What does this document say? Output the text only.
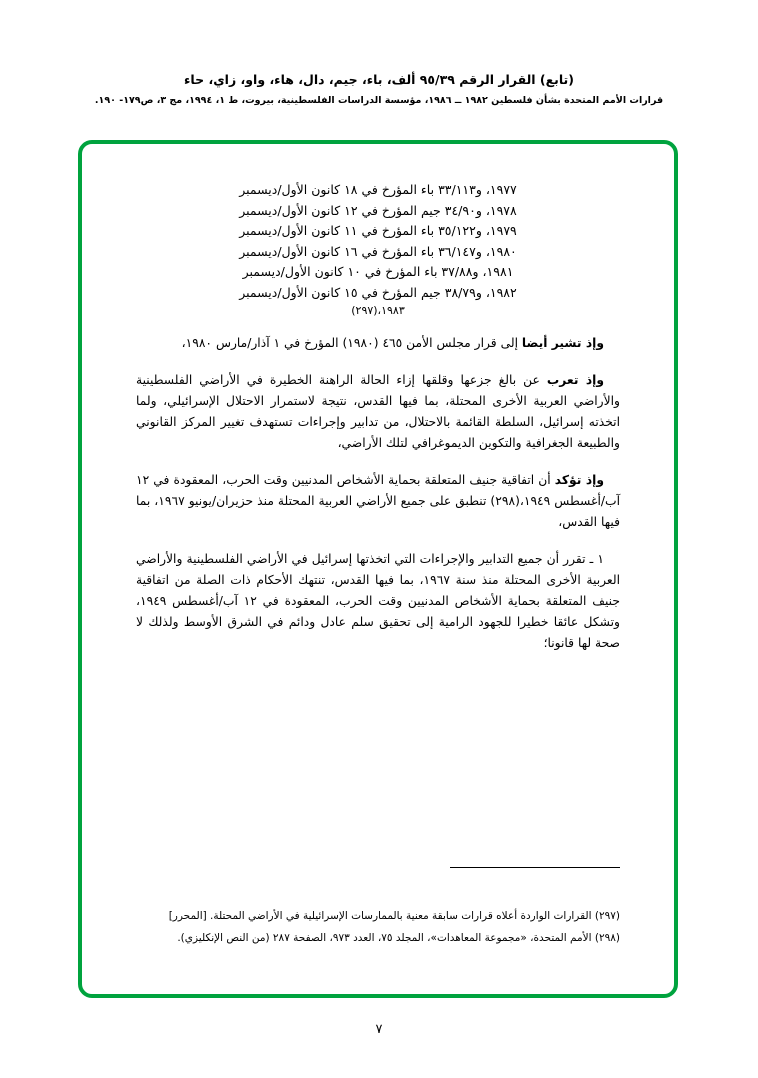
(تابع) القرار الرقم ٩٥/٣٩ ألف، باء، جيم، دال، هاء، واو، زاي، حاء
قرارات الأمم المتحدة بشأن فلسطين ١٩٨٢ ــ ١٩٨٦، مؤسسة الدراسات الفلسطينية، بيروت، ط ١، ١٩٩٤، مج ٣، ص١٧٩- ١٩٠.
١٩٧٧، و٣٣/١١٣ باء المؤرخ في ١٨ كانون الأول/ديسمبر
١٩٧٨، و٣٤/٩٠ جيم المؤرخ في ١٢ كانون الأول/ديسمبر
١٩٧٩، و٣٥/١٢٢ باء المؤرخ في ١١ كانون الأول/ديسمبر
١٩٨٠، و٣٦/١٤٧ باء المؤرخ في ١٦ كانون الأول/ديسمبر
١٩٨١، و٣٧/٨٨ باء المؤرخ في ١٠ كانون الأول/ديسمبر
١٩٨٢، و٣٨/٧٩ جيم المؤرخ في ١٥ كانون الأول/ديسمبر
١٩٨٣،(٢٩٧)

وإذ تشير أيضا إلى قرار مجلس الأمن ٤٦٥ (١٩٨٠) المؤرخ في ١ آذار/مارس ١٩٨٠،

وإذ تعرب عن بالغ جزعها وقلقها إزاء الحالة الراهنة الخطيرة في الأراضي الفلسطينية والأراضي العربية الأخرى المحتلة، بما فيها القدس، نتيجة لاستمرار الاحتلال الإسرائيلي، ولما اتخذته إسرائيل، السلطة القائمة بالاحتلال، من تدابير وإجراءات تستهدف تغيير المركز القانوني والطبيعة الجغرافية والتكوين الديموغرافي لتلك الأراضي،

وإذ تؤكد أن اتفاقية جنيف المتعلقة بحماية الأشخاص المدنيين وقت الحرب، المعقودة في ١٢ آب/أغسطس ١٩٤٩،(٢٩٨) تنطبق على جميع الأراضي العربية المحتلة منذ حزيران/يونيو ١٩٦٧، بما فيها القدس،

١ ـ تقرر أن جميع التدابير والإجراءات التي اتخذتها إسرائيل في الأراضي الفلسطينية والأراضي العربية الأخرى المحتلة منذ سنة ١٩٦٧، بما فيها القدس، تنتهك الأحكام ذات الصلة من اتفاقية جنيف المتعلقة بحماية الأشخاص المدنيين وقت الحرب، المعقودة في ١٢ آب/أغسطس ١٩٤٩، وتشكل عائقا خطيرا للجهود الرامية إلى تحقيق سلم عادل ودائم في الشرق الأوسط ولذلك لا صحة لها قانونا؛

(٢٩٧) القرارات الواردة أعلاه قرارات سابقة معنية بالممارسات الإسرائيلية في الأراضي المحتلة. [المحرر]

(٢٩٨) الأمم المتحدة، «مجموعة المعاهدات»، المجلد ٧٥، العدد ٩٧٣، الصفحة ٢٨٧ (من النص الإنكليزي).

٧
